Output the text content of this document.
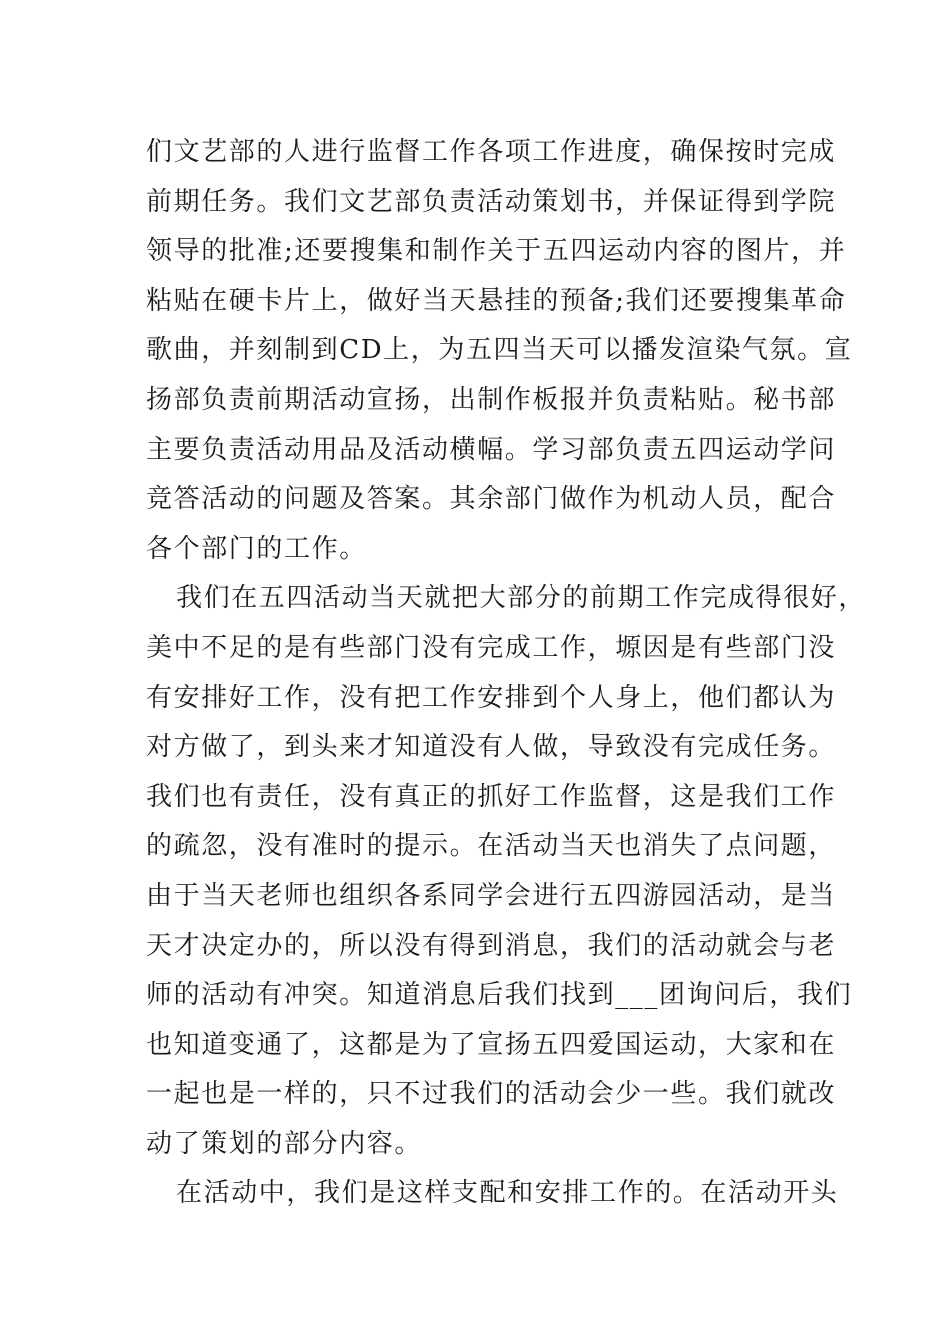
们文艺部的人进行监督工作各项工作进度，确保按时完成
前期任务。我们文艺部负责活动策划书，并保证得到学院
领导的批准;还要搜集和制作关于五四运动内容的图片，并
粘贴在硬卡片上，做好当天悬挂的预备;我们还要搜集革命
歌曲，并刻制到CD上，为五四当天可以播发渲染气氛。宣
扬部负责前期活动宣扬，出制作板报并负责粘贴。秘书部
主要负责活动用品及活动横幅。学习部负责五四运动学问
竞答活动的问题及答案。其余部门做作为机动人员，配合
各个部门的工作。
我们在五四活动当天就把大部分的前期工作完成得很好，
美中不足的是有些部门没有完成工作，塬因是有些部门没
有安排好工作，没有把工作安排到个人身上，他们都认为
对方做了，到头来才知道没有人做，导致没有完成任务。
我们也有责任，没有真正的抓好工作监督，这是我们工作
的疏忽，没有准时的提示。在活动当天也消失了点问题，
由于当天老师也组织各系同学会进行五四游园活动，是当
天才决定办的，所以没有得到消息，我们的活动就会与老
师的活动有冲突。知道消息后我们找到___团询问后，我们
也知道变通了，这都是为了宣扬五四爱国运动，大家和在
一起也是一样的，只不过我们的活动会少一些。我们就改
动了策划的部分内容。
在活动中，我们是这样支配和安排工作的。在活动开头
